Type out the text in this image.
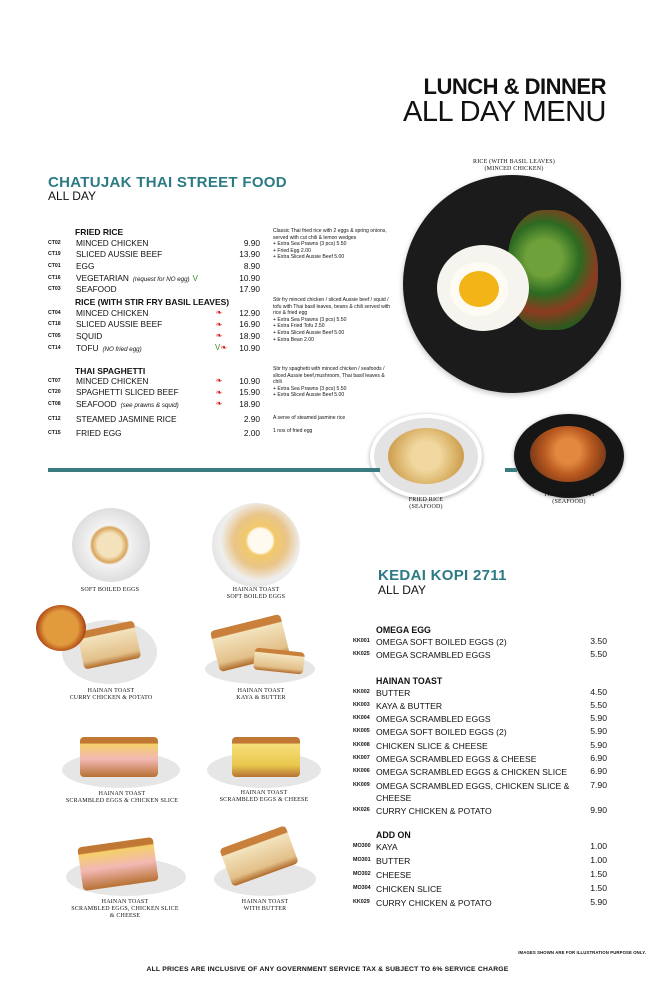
LUNCH & DINNER
ALL DAY MENU
CHATUJAK THAI STREET FOOD
ALL DAY
FRIED RICE
CT02	MINCED CHICKEN	9.90
CT19	SLICED AUSSIE BEEF	13.90
CT01	EGG	8.90
CT16	VEGETARIAN (request for NO egg) V	10.90
CT03	SEAFOOD	17.90
Classic Thai fried rice with 2 eggs & spring onions, served with cut chili & lemon wedges
+ Extra Sea Prawns (3 pcs) 5.50
+ Fried Egg 2.00
+ Extra Sliced Aussie Beef 5.00
RICE (WITH STIR FRY BASIL LEAVES)
CT04	MINCED CHICKEN	❧	12.90
CT18	SLICED AUSSIE BEEF	❧	16.90
CT05	SQUID	❧	18.90
CT14	TOFU (NO fried egg)	V❧	10.90
Stir fry minced chicken / sliced Aussie beef / squid / tofu with Thai basil leaves, beans & chili served with rice & fried egg
+ Extra Sea Prawns (3 pcs) 5.50
+ Extra Fried Tofu 2.50
+ Extra Sliced Aussie Beef 5.00
+ Extra Bean 2.00
THAI SPAGHETTI
CT07	MINCED CHICKEN	❧	10.90
CT20	SPAGHETTI SLICED BEEF	❧	15.90
CT08	SEAFOOD (see prawns & squid)	❧	18.90
Stir fry spaghetti with minced chicken / seafoods / sliced Aussie beef,mushroom, Thai basil leaves & chili
+ Extra Sea Prawns (3 pcs) 5.50
+ Extra Sliced Aussie Beef 5.00
CT12	STEAMED JASMINE RICE	2.90
CT15	FRIED EGG	2.00
A serve of steamed jasmine rice
1 nos of fried egg
RICE (WITH BASIL LEAVES)
(MINCED CHICKEN)
FRIED RICE
(SEAFOOD)
THAI SPAGHETTI
(SEAFOOD)
SOFT BOILED EGGS	HAINAN TOAST
SOFT BOILED EGGS
HAINAN TOAST
CURRY CHICKEN & POTATO
HAINAN TOAST
KAYA & BUTTER
HAINAN TOAST
SCRAMBLED EGGS & CHICKEN SLICE
HAINAN TOAST
SCRAMBLED EGGS & CHEESE
HAINAN TOAST
SCRAMBLED EGGS, CHICKEN SLICE
& CHEESE
HAINAN TOAST
WITH BUTTER
KEDAI KOPI 2711
ALL DAY
OMEGA EGG
KK001 OMEGA SOFT BOILED EGGS (2)	3.50
KK025 OMEGA SCRAMBLED EGGS	5.50
HAINAN TOAST
KK002 BUTTER	4.50
KK003 KAYA & BUTTER	5.50
KK004 OMEGA SCRAMBLED EGGS	5.90
KK005 OMEGA SOFT BOILED EGGS (2)	5.90
KK008 CHICKEN SLICE & CHEESE	5.90
KK007 OMEGA SCRAMBLED EGGS & CHEESE	6.90
KK006 OMEGA SCRAMBLED EGGS & CHICKEN SLICE	6.90
KK009 OMEGA SCRAMBLED EGGS, CHICKEN SLICE & CHEESE
7.90
KK026 CURRY CHICKEN & POTATO	9.90
ADD ON
MO300 KAYA	1.00
MO301 BUTTER	1.00
MO302 CHEESE	1.50
MO304 CHICKEN SLICE	1.50
KK029 CURRY CHICKEN & POTATO	5.90
IMAGES SHOWN ARE FOR ILLUSTRATION PURPOSE ONLY.
ALL PRICES ARE INCLUSIVE OF ANY GOVERNMENT SERVICE TAX & SUBJECT TO 6% SERVICE CHARGE
